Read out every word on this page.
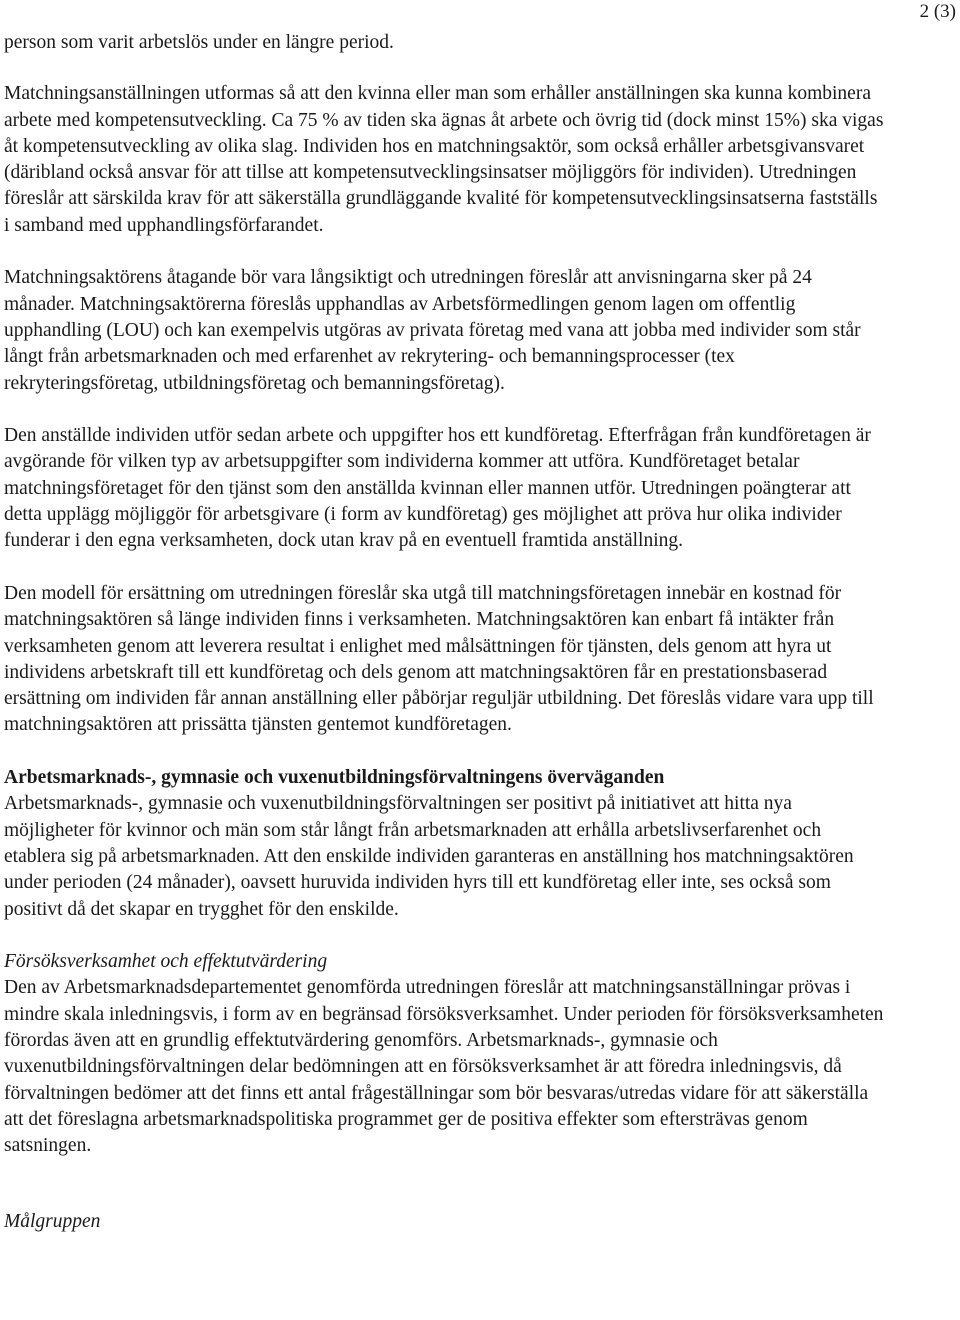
2 (3)

person som varit arbetslös under en längre period.

Matchningsanställningen utformas så att den kvinna eller man som erhåller anställningen ska kunna kombinera arbete med kompetensutveckling. Ca 75 % av tiden ska ägnas åt arbete och övrig tid (dock minst 15%) ska vigas åt kompetensutveckling av olika slag. Individen hos en matchningsaktör, som också erhåller arbetsgivansvaret (däribland också ansvar för att tillse att kompetensutvecklingsinsatser möjliggörs för individen). Utredningen föreslår att särskilda krav för att säkerställa grundläggande kvalité för kompetensutvecklingsinsatserna fastställs i samband med upphandlingsförfarandet.

Matchningsaktörens åtagande bör vara långsiktigt och utredningen föreslår att anvisningarna sker på 24 månader. Matchningsaktörerna föreslås upphandlas av Arbetsförmedlingen genom lagen om offentlig upphandling (LOU) och kan exempelvis utgöras av privata företag med vana att jobba med individer som står långt från arbetsmarknaden och med erfarenhet av rekrytering- och bemanningsprocesser (tex rekryteringsföretag, utbildningsföretag och bemanningsföretag).

Den anställde individen utför sedan arbete och uppgifter hos ett kundföretag. Efterfrågan från kundföretagen är avgörande för vilken typ av arbetsuppgifter som individerna kommer att utföra. Kundföretaget betalar matchningsföretaget för den tjänst som den anställda kvinnan eller mannen utför. Utredningen poängterar att detta upplägg möjliggör för arbetsgivare (i form av kundföretag) ges möjlighet att pröva hur olika individer funderar i den egna verksamheten, dock utan krav på en eventuell framtida anställning.

Den modell för ersättning om utredningen föreslår ska utgå till matchningsföretagen innebär en kostnad för matchningsaktören så länge individen finns i verksamheten. Matchningsaktören kan enbart få intäkter från verksamheten genom att leverera resultat i enlighet med målsättningen för tjänsten, dels genom att hyra ut individens arbetskraft till ett kundföretag och dels genom att matchningsaktören får en prestationsbaserad ersättning om individen får annan anställning eller påbörjar reguljär utbildning. Det föreslås vidare vara upp till matchningsaktören att prissätta tjänsten gentemot kundföretagen.

Arbetsmarknads-, gymnasie och vuxenutbildningsförvaltningens överväganden

Arbetsmarknads-, gymnasie och vuxenutbildningsförvaltningen ser positivt på initiativet att hitta nya möjligheter för kvinnor och män som står långt från arbetsmarknaden att erhålla arbetslivserfarenhet och etablera sig på arbetsmarknaden. Att den enskilde individen garanteras en anställning hos matchningsaktören under perioden (24 månader), oavsett huruvida individen hyrs till ett kundföretag eller inte, ses också som positivt då det skapar en trygghet för den enskilde.

Försöksverksamhet och effektutvärdering

Den av Arbetsmarknadsdepartementet genomförda utredningen föreslår att matchningsanställningar prövas i mindre skala inledningsvis, i form av en begränsad försöksverksamhet. Under perioden för försöksverksamheten förordas även att en grundlig effektutvärdering genomförs. Arbetsmarknads-, gymnasie och vuxenutbildningsförvaltningen delar bedömningen att en försöksverksamhet är att föredra inledningsvis, då förvaltningen bedömer att det finns ett antal frågeställningar som bör besvaras/utredas vidare för att säkerställa att det föreslagna arbetsmarknadspolitiska programmet ger de positiva effekter som eftersträvas genom satsningen.

Målgruppen
